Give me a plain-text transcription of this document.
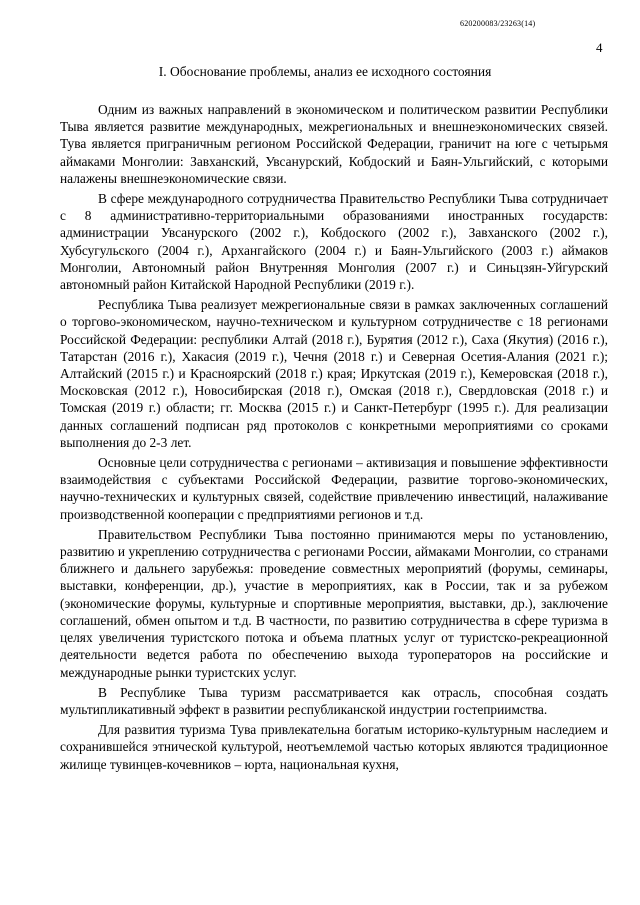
620200083/23263(14)
4
I. Обоснование проблемы, анализ ее исходного состояния

Одним из важных направлений в экономическом и политическом развитии Республики Тыва является развитие международных, межрегиональных и внешнеэкономических связей. Тува является приграничным регионом Российской Федерации, граничит на юге с четырьмя аймаками Монголии: Завханский, Увсанурский, Кобдоский и Баян-Ульгийский, с которыми налажены внешнеэкономические связи.

В сфере международного сотрудничества Правительство Республики Тыва сотрудничает с 8 административно-территориальными образованиями иностранных государств: администрации Увсанурского (2002 г.), Кобдоского (2002 г.), Завханского (2002 г.), Хубсугульского (2004 г.), Архангайского (2004 г.) и Баян-Ульгийского (2003 г.) аймаков Монголии, Автономный район Внутренняя Монголия (2007 г.) и Синьцзян-Уйгурский автономный район Китайской Народной Республики (2019 г.).

Республика Тыва реализует межрегиональные связи в рамках заключенных соглашений о торгово-экономическом, научно-техническом и культурном сотрудничестве с 18 регионами Российской Федерации: республики Алтай (2018 г.), Бурятия (2012 г.), Саха (Якутия) (2016 г.), Татарстан (2016 г.), Хакасия (2019 г.), Чечня (2018 г.) и Северная Осетия-Алания (2021 г.); Алтайский (2015 г.) и Красноярский (2018 г.) края; Иркутская (2019 г.), Кемеровская (2018 г.), Московская (2012 г.), Новосибирская (2018 г.), Омская (2018 г.), Свердловская (2018 г.) и Томская (2019 г.) области; гг. Москва (2015 г.) и Санкт-Петербург (1995 г.). Для реализации данных соглашений подписан ряд протоколов с конкретными мероприятиями со сроками выполнения до 2-3 лет.

Основные цели сотрудничества с регионами – активизация и повышение эффективности взаимодействия с субъектами Российской Федерации, развитие торгово-экономических, научно-технических и культурных связей, содействие привлечению инвестиций, налаживание производственной кооперации с предприятиями регионов и т.д.

Правительством Республики Тыва постоянно принимаются меры по установлению, развитию и укреплению сотрудничества с регионами России, аймаками Монголии, со странами ближнего и дальнего зарубежья: проведение совместных мероприятий (форумы, семинары, выставки, конференции, др.), участие в мероприятиях, как в России, так и за рубежом (экономические форумы, культурные и спортивные мероприятия, выставки, др.), заключение соглашений, обмен опытом и т.д. В частности, по развитию сотрудничества в сфере туризма в целях увеличения туристского потока и объема платных услуг от туристско-рекреационной деятельности ведется работа по обеспечению выхода туроператоров на российские и международные рынки туристских услуг.

В Республике Тыва туризм рассматривается как отрасль, способная создать мультипликативный эффект в развитии республиканской индустрии гостеприимства.

Для развития туризма Тува привлекательна богатым историко-культурным наследием и сохранившейся этнической культурой, неотъемлемой частью которых являются традиционное жилище тувинцев-кочевников – юрта, национальная кухня,
